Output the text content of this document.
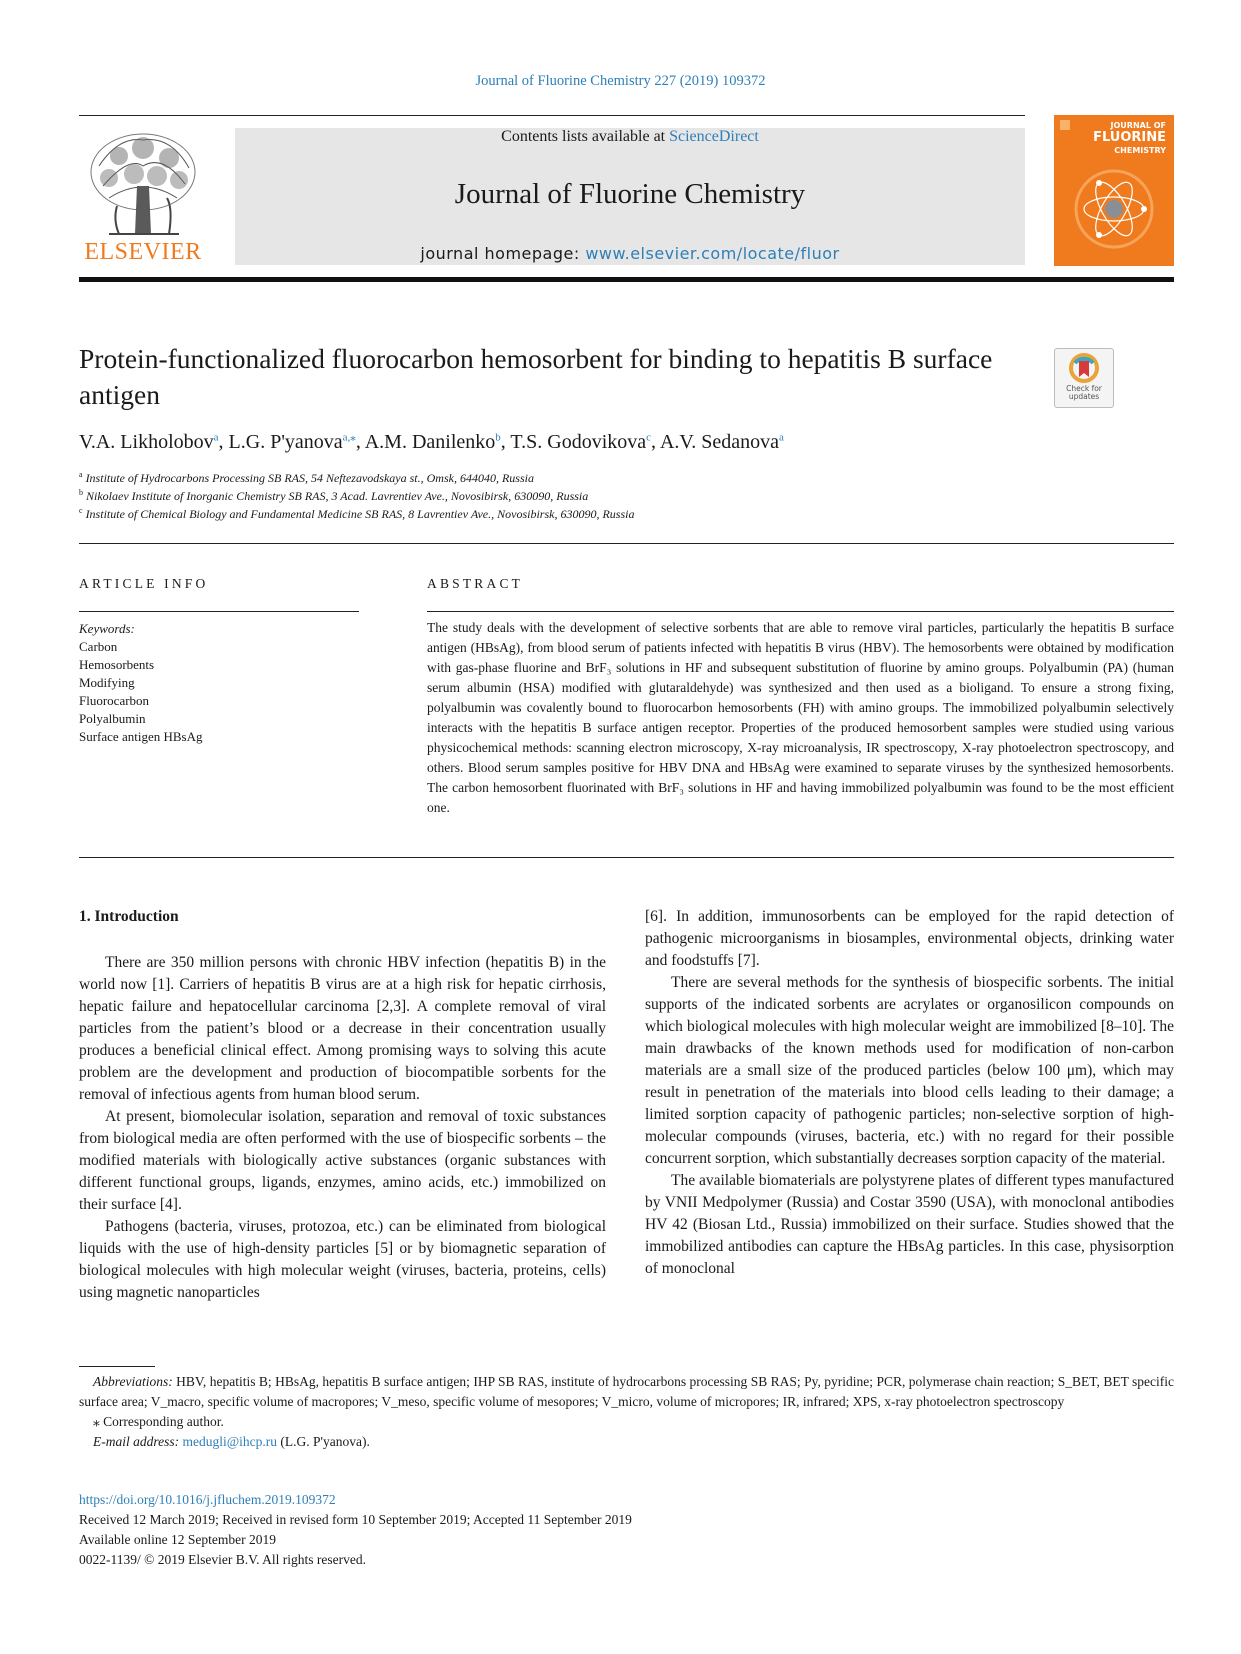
Journal of Fluorine Chemistry 227 (2019) 109372
ELSEVIER
Contents lists available at ScienceDirect
Journal of Fluorine Chemistry
journal homepage: www.elsevier.com/locate/fluor
JOURNAL OF
FLUORINE
CHEMISTRY
Protein-functionalized fluorocarbon hemosorbent for binding to hepatitis B surface antigen	Check for
updates
V.A. Likholobov$^a$, L.G. P'yanova$^{a,⁎}$, A.M. Danilenko$^b$, T.S. Godovikova$^c$, A.V. Sedanova$^a$
$^a$ Institute of Hydrocarbons Processing SB RAS, 54 Neftezavodskaya st., Omsk, 644040, Russia
$^b$ Nikolaev Institute of Inorganic Chemistry SB RAS, 3 Acad. Lavrentiev Ave., Novosibirsk, 630090, Russia
$^c$ Institute of Chemical Biology and Fundamental Medicine SB RAS, 8 Lavrentiev Ave., Novosibirsk, 630090, Russia
ARTICLE INFO
Keywords:
Carbon
Hemosorbents
Modifying
Fluorocarbon
Polyalbumin
Surface antigen HBsAg
ABSTRACT
The study deals with the development of selective sorbents that are able to remove viral particles, particularly the hepatitis B surface antigen (HBsAg), from blood serum of patients infected with hepatitis B virus (HBV). The hemosorbents were obtained by modification with gas-phase fluorine and BrF₃ solutions in HF and subsequent substitution of fluorine by amino groups. Polyalbumin (PA) (human serum albumin (HSA) modified with glutaraldehyde) was synthesized and then used as a bioligand. To ensure a strong fixing, polyalbumin was covalently bound to fluorocarbon hemosorbents (FH) with amino groups. The immobilized polyalbumin selectively interacts with the hepatitis B surface antigen receptor. Properties of the produced hemosorbent samples were studied using various physicochemical methods: scanning electron microscopy, X-ray microanalysis, IR spectroscopy, X-ray photoelectron spectroscopy, and others. Blood serum samples positive for HBV DNA and HBsAg were examined to separate viruses by the synthesized hemosorbents. The carbon hemosorbent fluorinated with BrF₃ solutions in HF and having immobilized polyalbumin was found to be the most efficient one.
1. Introduction

There are 350 million persons with chronic HBV infection (hepatitis B) in the world now [1]. Carriers of hepatitis B virus are at a high risk for hepatic cirrhosis, hepatic failure and hepatocellular carcinoma [2,3]. A complete removal of viral particles from the patient’s blood or a decrease in their concentration usually produces a beneficial clinical effect. Among promising ways to solving this acute problem are the development and production of biocompatible sorbents for the removal of infectious agents from human blood serum.

At present, biomolecular isolation, separation and removal of toxic substances from biological media are often performed with the use of biospecific sorbents – the modified materials with biologically active substances (organic substances with different functional groups, ligands, enzymes, amino acids, etc.) immobilized on their surface [4].

Pathogens (bacteria, viruses, protozoa, etc.) can be eliminated from biological liquids with the use of high-density particles [5] or by biomagnetic separation of biological molecules with high molecular weight (viruses, bacteria, proteins, cells) using magnetic nanoparticles

[6]. In addition, immunosorbents can be employed for the rapid detection of pathogenic microorganisms in biosamples, environmental objects, drinking water and foodstuffs [7].

There are several methods for the synthesis of biospecific sorbents. The initial supports of the indicated sorbents are acrylates or organosilicon compounds on which biological molecules with high molecular weight are immobilized [8–10]. The main drawbacks of the known methods used for modification of non-carbon materials are a small size of the produced particles (below 100 μm), which may result in penetration of the materials into blood cells leading to their damage; a limited sorption capacity of pathogenic particles; non-selective sorption of high-molecular compounds (viruses, bacteria, etc.) with no regard for their possible concurrent sorption, which substantially decreases sorption capacity of the material.

The available biomaterials are polystyrene plates of different types manufactured by VNII Medpolymer (Russia) and Costar 3590 (USA), with monoclonal antibodies HV 42 (Biosan Ltd., Russia) immobilized on their surface. Studies showed that the immobilized antibodies can capture the HBsAg particles. In this case, physisorption of monoclonal

Abbreviations: HBV, hepatitis B; HBsAg, hepatitis B surface antigen; IHP SB RAS, institute of hydrocarbons processing SB RAS; Py, pyridine; PCR, polymerase chain reaction; S_BET, BET specific surface area; V_macro, specific volume of macropores; V_meso, specific volume of mesopores; V_micro, volume of micropores; IR, infrared; XPS, x-ray photoelectron spectroscopy

⁎ Corresponding author.

E-mail address: medugli@ihcp.ru (L.G. P'yanova).

https://doi.org/10.1016/j.jfluchem.2019.109372

Received 12 March 2019; Received in revised form 10 September 2019; Accepted 11 September 2019

Available online 12 September 2019

0022-1139/ © 2019 Elsevier B.V. All rights reserved.
